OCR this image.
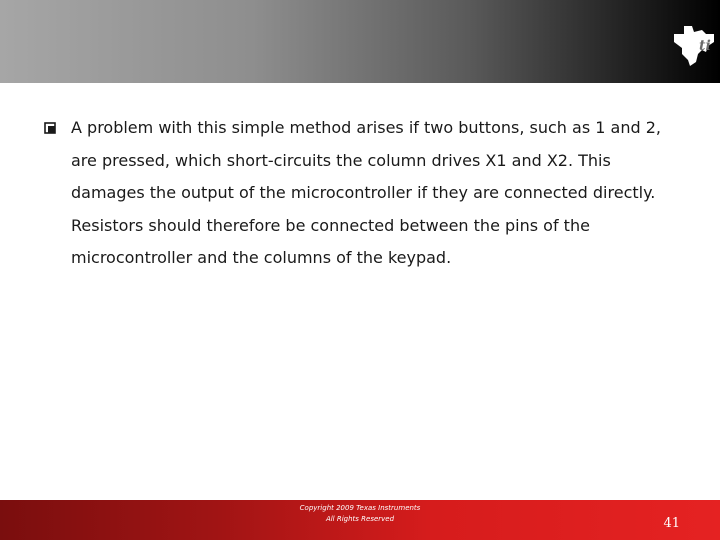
ti

A problem with this simple method arises if two buttons, such as 1 and 2, are pressed, which short-circuits the column drives X1 and X2. This damages the output of the microcontroller if they are connected directly. Resistors should therefore be connected between the pins of the microcontroller and the columns of the keypad.

Copyright 2009 Texas Instruments
All Rights Reserved	41
